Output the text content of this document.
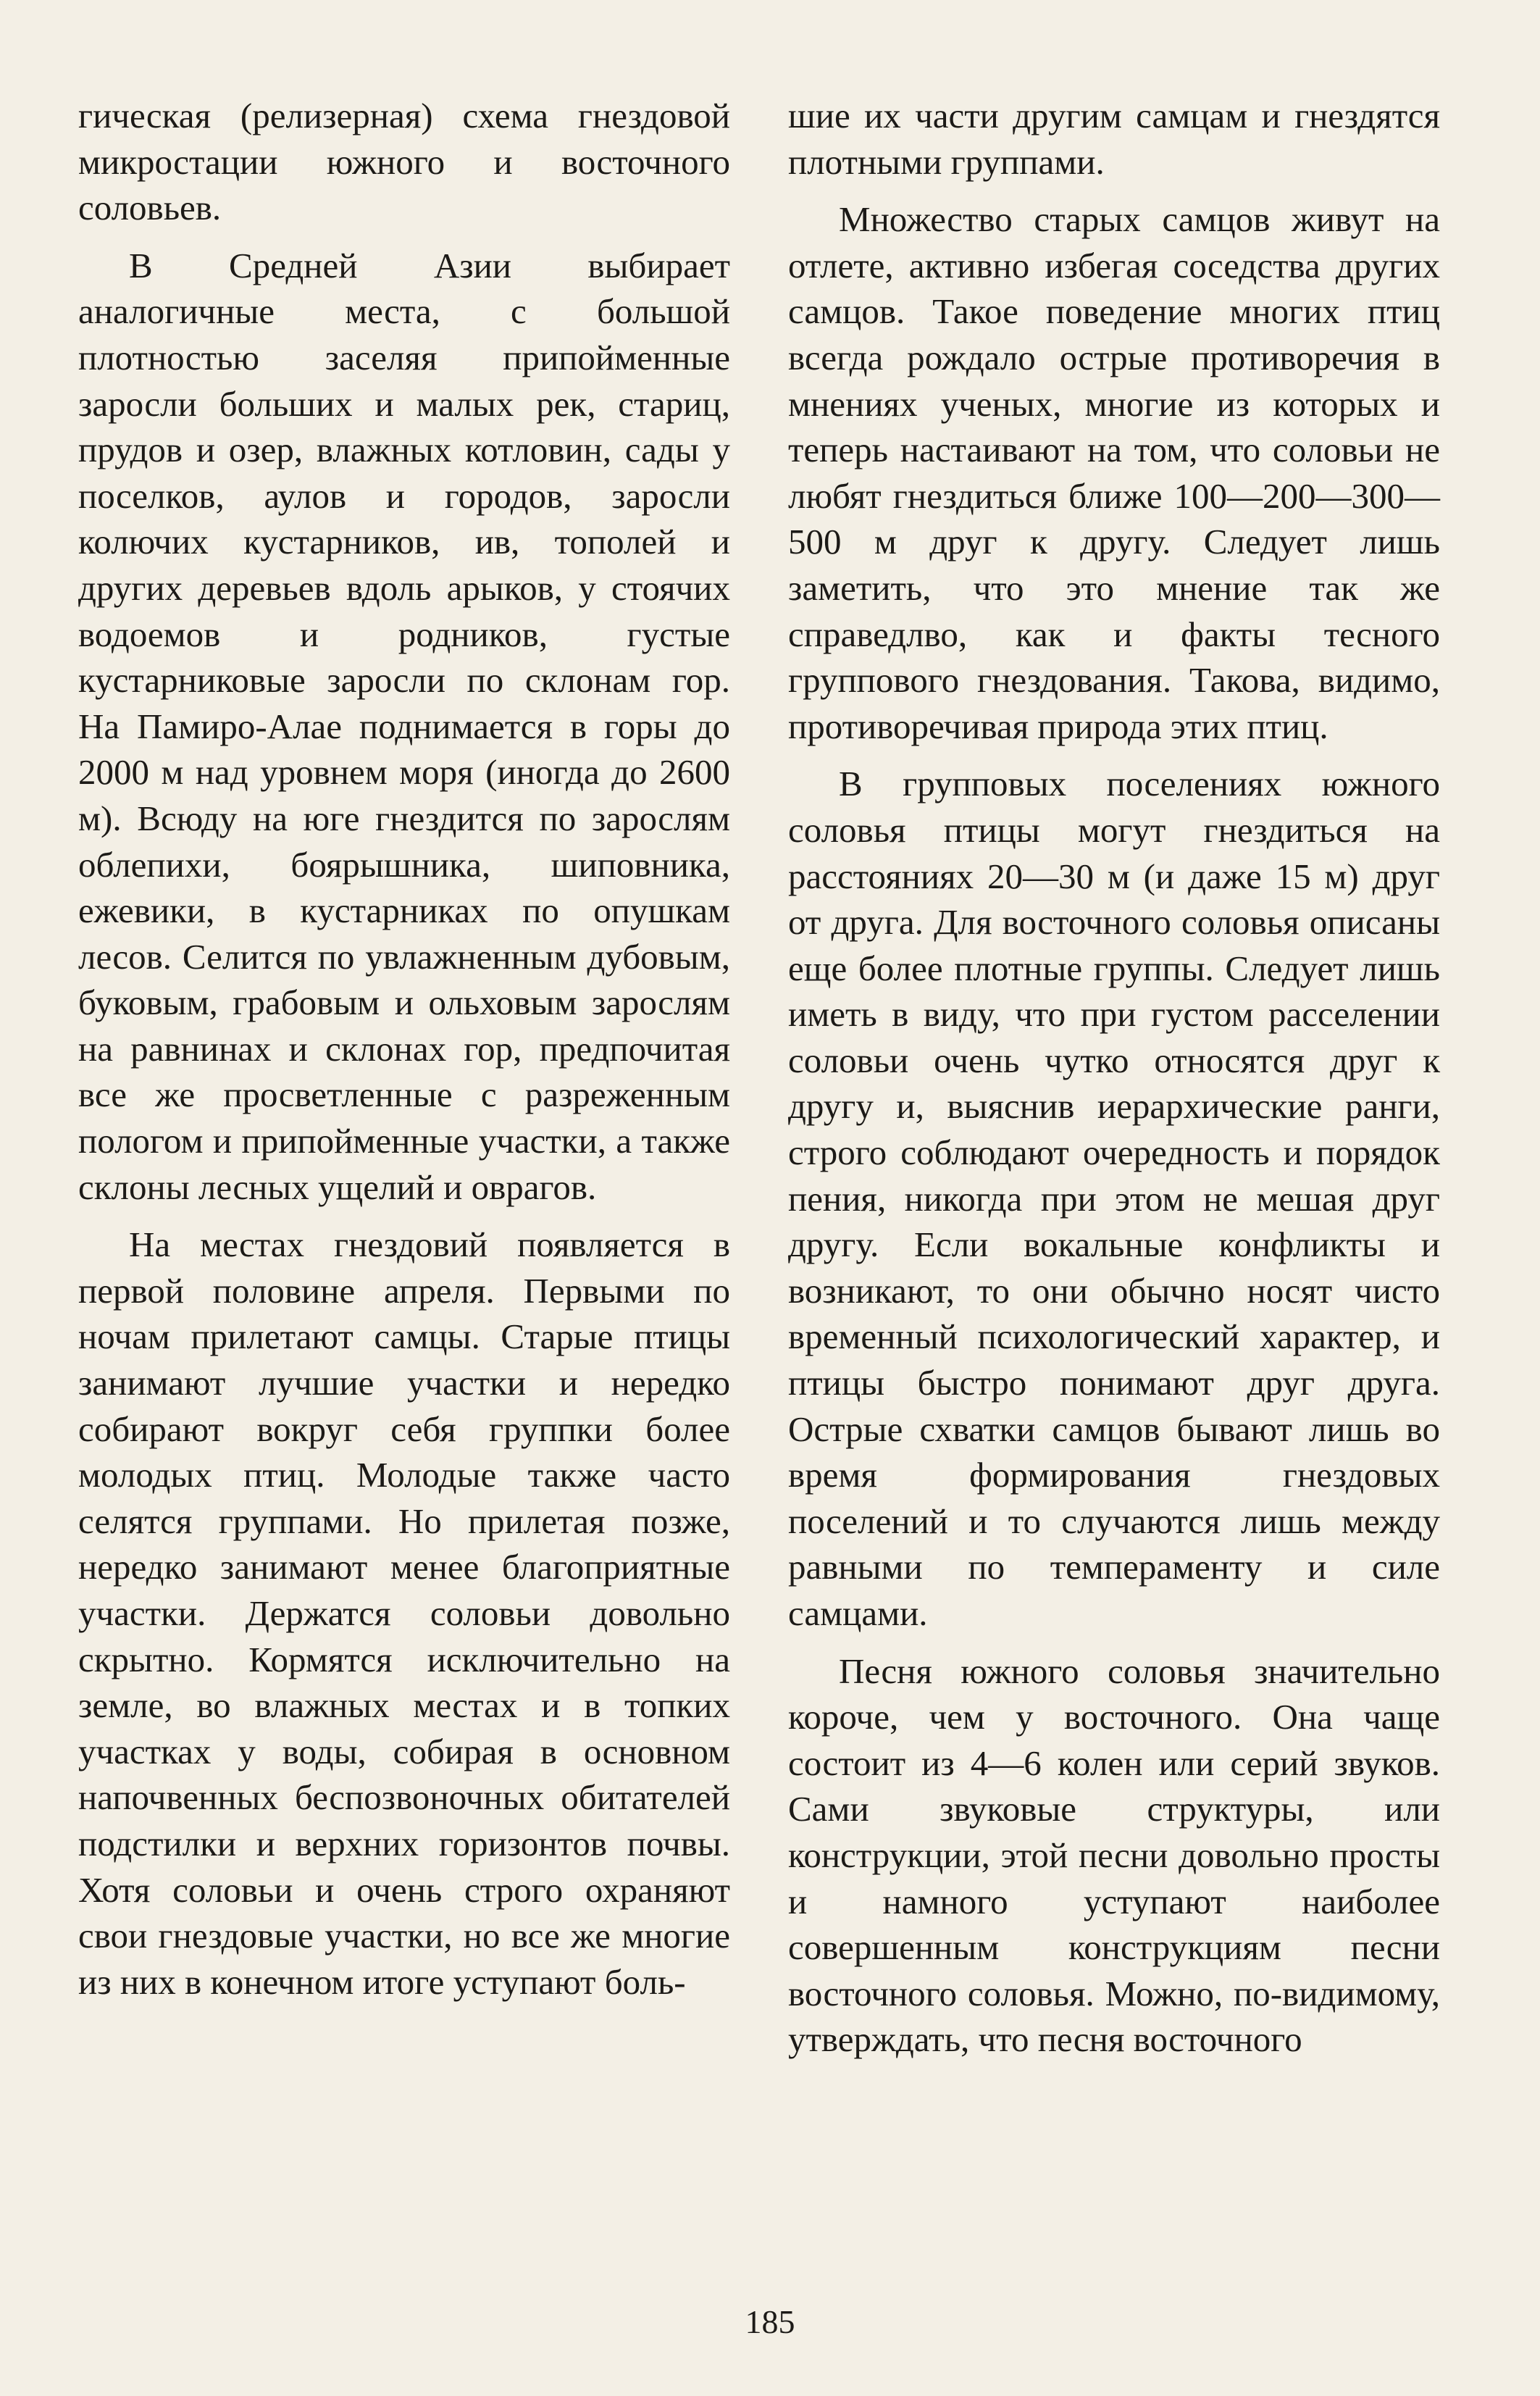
гическая (релизерная) схема гнездовой микростации южного и восточного соловьев.

В Средней Азии выбирает аналогичные места, с большой плотностью заселяя припойменные заросли больших и малых рек, стариц, прудов и озер, влажных котловин, сады у поселков, аулов и городов, заросли колючих кустарников, ив, тополей и других деревьев вдоль арыков, у стоячих водоемов и родников, густые кустарниковые заросли по склонам гор. На Памиро-Алае поднимается в горы до 2000 м над уровнем моря (иногда до 2600 м). Всюду на юге гнездится по зарослям облепихи, боярышника, шиповника, ежевики, в кустарниках по опушкам лесов. Селится по увлажненным дубовым, буковым, грабовым и ольховым зарослям на равнинах и склонах гор, предпочитая все же просветленные с разреженным пологом и припойменные участки, а также склоны лесных ущелий и оврагов.

На местах гнездовий появляется в первой половине апреля. Первыми по ночам прилетают самцы. Старые птицы занимают лучшие участки и нередко собирают вокруг себя группки более молодых птиц. Молодые также часто селятся группами. Но прилетая позже, нередко занимают менее благоприятные участки. Держатся соловьи довольно скрытно. Кормятся исключительно на земле, во влажных местах и в топких участках у воды, собирая в основном напочвенных беспозвоночных обитателей подстилки и верхних горизонтов почвы. Хотя соловьи и очень строго охраняют свои гнездовые участки, но все же многие из них в конечном итоге уступают боль-

шие их части другим самцам и гнездятся плотными группами.

Множество старых самцов живут на отлете, активно избегая соседства других самцов. Такое поведение многих птиц всегда рождало острые противоречия в мнениях ученых, многие из которых и теперь настаивают на том, что соловьи не любят гнездиться ближе 100—200—300—500 м друг к другу. Следует лишь заметить, что это мнение так же справедлво, как и факты тесного группового гнездования. Такова, видимо, противоречивая природа этих птиц.

В групповых поселениях южного соловья птицы могут гнездиться на расстояниях 20—30 м (и даже 15 м) друг от друга. Для восточного соловья описаны еще более плотные группы. Следует лишь иметь в виду, что при густом расселении соловьи очень чутко относятся друг к другу и, выяснив иерархические ранги, строго соблюдают очередность и порядок пения, никогда при этом не мешая друг другу. Если вокальные конфликты и возникают, то они обычно носят чисто временный психологический характер, и птицы быстро понимают друг друга. Острые схватки самцов бывают лишь во время формирования гнездовых поселений и то случаются лишь между равными по темпераменту и силе самцами.

Песня южного соловья значительно короче, чем у восточного. Она чаще состоит из 4—6 колен или серий звуков. Сами звуковые структуры, или конструкции, этой песни довольно просты и намного уступают наиболее совершенным конструкциям песни восточного соловья. Можно, по-видимому, утверждать, что песня восточного

185
